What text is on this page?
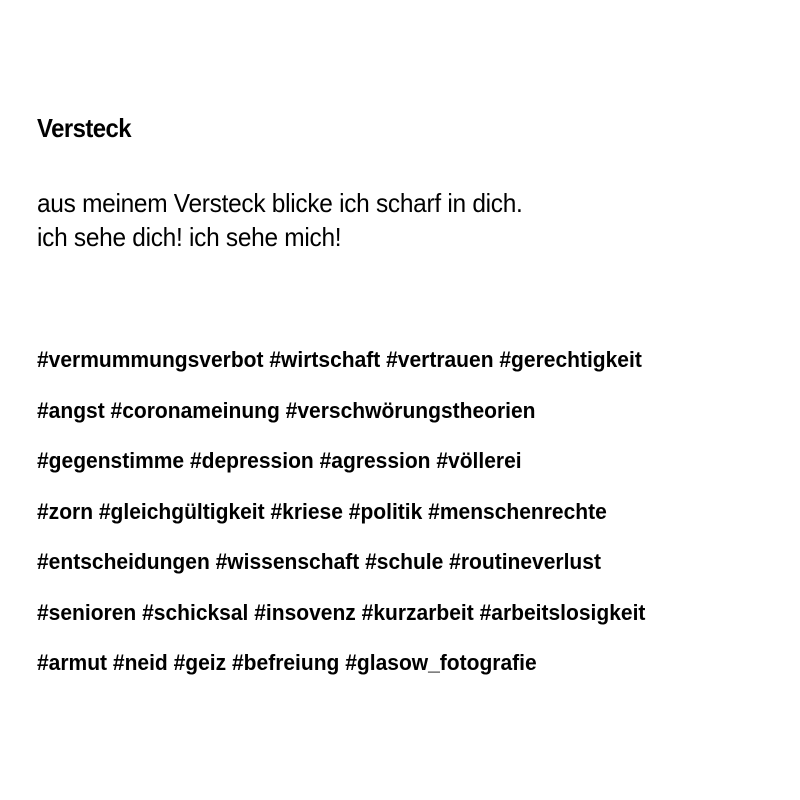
Versteck
aus meinem Versteck blicke ich scharf in dich.
ich sehe dich! ich sehe mich!
#vermummungsverbot #wirtschaft #vertrauen #gerechtigkeit
#angst #coronameinung #verschwörungstheorien
#gegenstimme #depression #agression #völlerei
#zorn #gleichgültigkeit #kriese #politik #menschenrechte
#entscheidungen #wissenschaft #schule #routineverlust
#senioren #schicksal #insovenz #kurzarbeit #arbeitslosigkeit
#armut #neid #geiz #befreiung #glasow_fotografie
